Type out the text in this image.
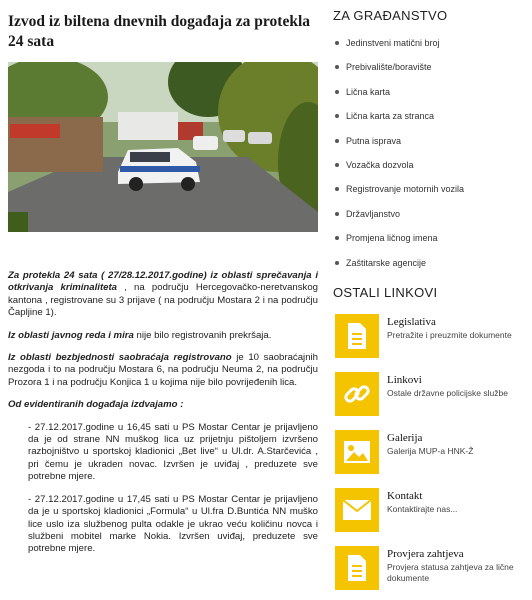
Izvod iz biltena dnevnih događaja za protekla 24 sata

Za protekla 24 sata ( 27/28.12.2017.godine) iz oblasti sprečavanja i otkrivanja kriminaliteta , na području Hercegovačko-neretvanskog kantona , registrovane su 3 prijave ( na području Mostara 2 i na području Čapljine 1).

Iz oblasti javnog reda i mira nije bilo registrovanih prekršaja.

Iz oblasti bezbjednosti saobraćaja registrovano je 10 saobraćajnih nezgoda i to na području Mostara 6, na području Neuma 2, na području Prozora 1 i na području Konjica 1 u kojima nije bilo povrijeđenih lica.

Od evidentiranih događaja izdvajamo :

- 27.12.2017.godine u 16,45 sati u PS Mostar Centar je prijavljeno da je od strane NN muškog lica uz prijetnju pištoljem izvršeno razbojništvo u sportskoj kladionici „Bet live“ u Ul.dr. A.Starčevića , pri čemu je ukraden novac. Izvršen je uviđaj , preduzete sve potrebne mjere.

- 27.12.2017.godine u 17,45 sati u PS Mostar Centar je prijavljeno da je u sportskoj kladionici „Formula“ u Ul.fra D.Buntića NN muško lice uslo iza službenog pulta odakle je ukrao veću količinu novca i službeni mobitel marke Nokia. Izvršen uviđaj, preduzete sve potrebne mjere.

ZA GRAĐANSTVO
Jedinstveni matični broj
Prebivalište/boravište
Lična karta
Lična karta za stranca
Putna isprava
Vozačka dozvola
Registrovanje motornih vozila
Državljanstvo
Promjena ličnog imena
Zaštitarske agencije
OSTALI LINKOVI
Legislativa
Pretražite i preuzmite dokumente
Linkovi
Ostale državne policijske službe
Galerija
Galerija MUP-a HNK-Ž
Kontakt
Kontaktirajte nas...
Provjera zahtjeva
Provjera statusa zahtjeva za lične dokumente
